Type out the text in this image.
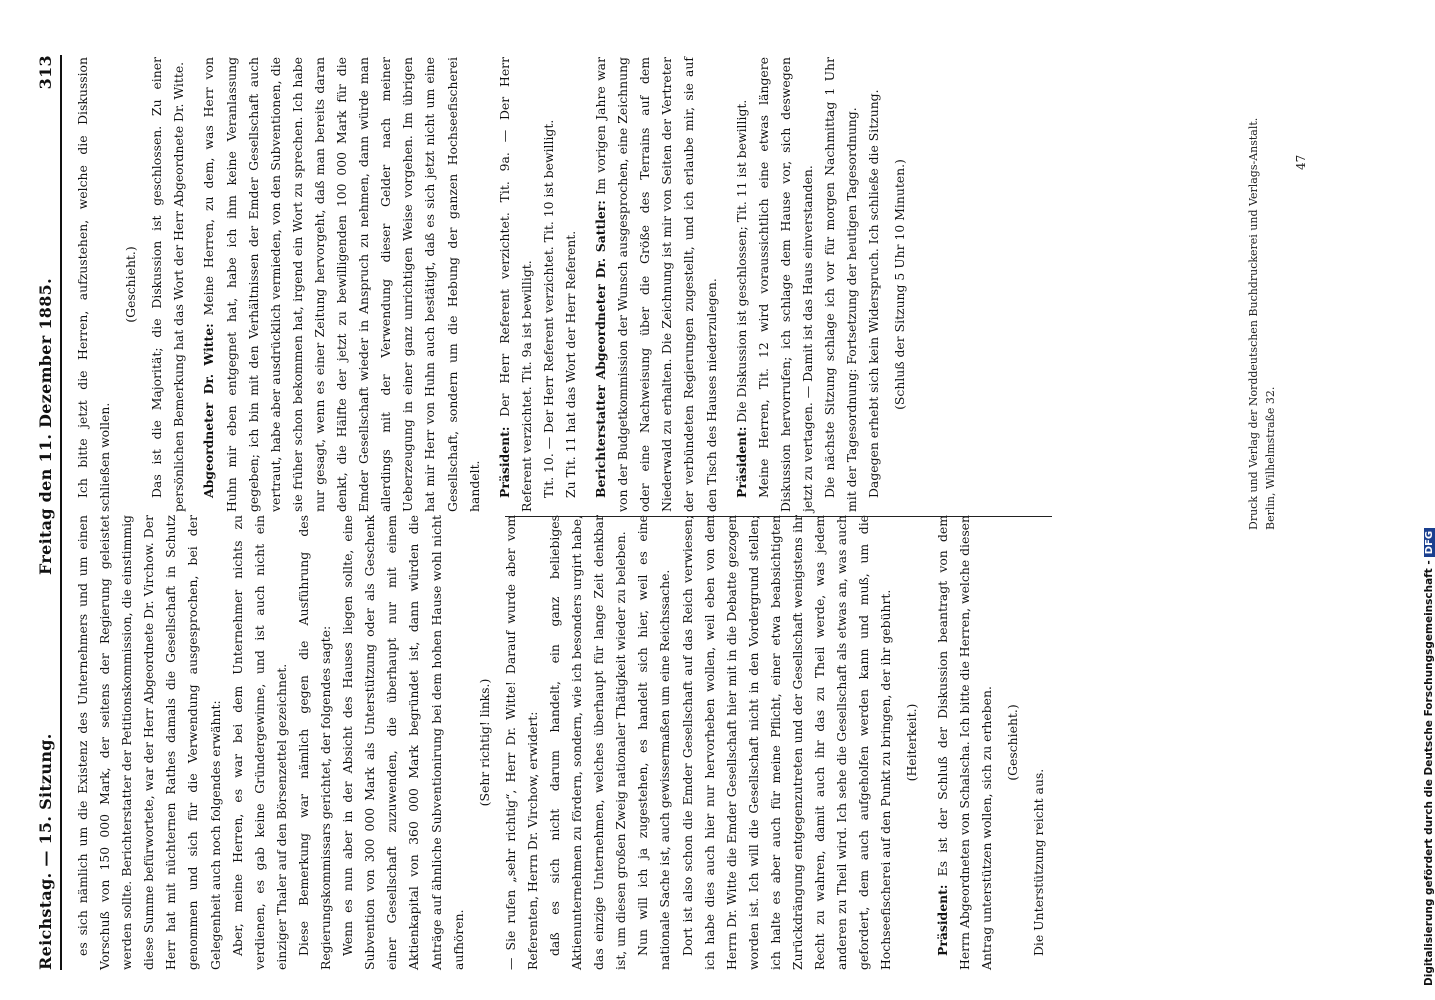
Reichstag. — 15. Sitzung.
Freitag den 11. Dezember 1885.
313

es sich nämlich um die Existenz des Unternehmers und um einen Vorschuß von 150 000 Mark, der seitens der Regierung geleistet werden sollte. Berichterstatter der Petitionskommission, die einstimmig diese Summe befürwortete, war der Herr Abgeordnete Dr. Virchow. Der Herr hat mit nüchternen Rathes damals die Gesellschaft in Schutz genommen und sich für die Verwendung ausgesprochen, bei der Gelegenheit auch noch folgendes erwähnt: Aber, meine Herren, es war bei dem Unternehmer nichts zu verdienen, es gab keine Gründergewinne, und ist auch nicht ein einziger Thaler auf den Börsenzettel gezeichnet. Diese Bemerkung war nämlich gegen die Ausführung des Regierungskommissars gerichtet, der folgendes sagte: Wenn es nun aber in der Absicht des Hauses liegen sollte, eine Subvention von 300 000 Mark als Unterstützung oder als Geschenk einer Gesellschaft zuzuwenden, die überhaupt nur mit einem Aktienkapital von 360 000 Mark begründet ist, dann würden die Anträge auf ähnliche Subventionirung bei dem hohen Hause wohl nicht aufhören.

(Sehr richtig! links.) — Sie rufen „sehr richtig“, Herr Dr. Witte! Darauf wurde aber vom Referenten, Herrn Dr. Virchow, erwidert: daß es sich nicht darum handelt, ein ganz beliebiges Aktienunternehmen zu fördern, sondern, wie ich besonders urgirt habe, das einzige Unternehmen, welches überhaupt für lange Zeit denkbar ist, um diesen großen Zweig nationaler Thätigkeit wieder zu beleben. Nun will ich ja zugestehen, es handelt sich hier, weil es eine nationale Sache ist, auch gewissermaßen um eine Reichssache. Dort ist also schon die Emder Gesellschaft auf das Reich verwiesen; ich habe dies auch hier nur hervorheben wollen, weil eben von dem Herrn Dr. Witte die Emder Gesellschaft hier mit in die Debatte gezogen worden ist. Ich will die Gesellschaft nicht in den Vordergrund stellen; ich halte es aber auch für meine Pflicht, einer etwa beabsichtigten Zurückdrängung entgegenzutreten und der Gesellschaft wenigstens ihr Recht zu wahren, damit auch ihr das zu Theil werde, was jedem anderen zu Theil wird. Ich sehe die Gesellschaft als etwas an, was auch gefordert, dem auch aufgeholfen werden kann und muß, um die Hochseefischerei auf den Punkt zu bringen, der ihr gebührt. (Heiterkeit.)

Präsident: Es ist der Schluß der Diskussion beantragt von dem Herrn Abgeordneten von Schalscha. Ich bitte die Herren, welche diesen Antrag unterstützen wollen, sich zu erheben. (Geschieht.)

Die Unterstützung reicht aus.

Ich bitte jetzt die Herren, aufzustehen, welche die Diskussion schließen wollen.

(Geschieht.) Das ist die Majorität; die Diskussion ist geschlossen. Zu einer persönlichen Bemerkung hat das Wort der Herr Abgeordnete Dr. Witte.	Abgeordneter Dr. Witte: Meine Herren, zu dem, was Herr von Huhn mir eben entgegnet hat, habe ich ihm keine Veranlassung gegeben; ich bin mit den Verhältnissen der Emder Gesellschaft auch vertraut, habe aber ausdrücklich vermieden, von den Subventionen, die sie früher schon bekommen hat, irgend ein Wort zu sprechen. Ich habe nur gesagt, wenn es einer Zeitung hervorgeht, daß man bereits daran denkt, die Hälfte der jetzt zu bewilligenden 100 000 Mark für die Emder Gesellschaft wieder in Anspruch zu nehmen, dann würde man allerdings mit der Verwendung dieser Gelder nach meiner Ueberzeugung in einer ganz unrichtigen Weise vorgehen. Im übrigen hat mir Herr von Huhn auch bestätigt, daß es sich jetzt nicht um eine Gesellschaft, sondern um die Hebung der ganzen Hochseefischerei handelt.	Präsident: Der Herr Referent verzichtet. Tit. 9a. — Der Herr Referent verzichtet. Tit. 9a ist bewilligt. Tit. 10. — Der Herr Referent verzichtet. Tit. 10 ist bewilligt. Zu Tit. 11 hat das Wort der Herr Referent.	Berichterstatter Abgeordneter Dr. Sattler: Im vorigen Jahre war von der Budgetkommission der Wunsch ausgesprochen, eine Zeichnung oder eine Nachweisung über die Größe des Terrains auf dem Niederwald zu erhalten. Die Zeichnung ist mir von Seiten der Vertreter der verbündeten Regierungen zugestellt, und ich erlaube mir, sie auf den Tisch des Hauses niederzulegen.	Präsident: Die Diskussion ist geschlossen; Tit. 11 ist bewilligt. Meine Herren, Tit. 12 wird voraussichtlich eine etwas längere Diskussion hervorrufen; ich schlage dem Hause vor, sich deswegen jetzt zu vertagen. — Damit ist das Haus einverstanden. Die nächste Sitzung schlage ich vor für morgen Nachmittag 1 Uhr mit der Tagesordnung: Fortsetzung der heutigen Tagesordnung. Dagegen erhebt sich kein Widerspruch. Ich schließe die Sitzung. (Schluß der Sitzung 5 Uhr 10 Minuten.)	Druck und Verlag der Norddeutschen Buchdruckerei und Verlags-Anstalt. Berlin, Wilhelmstraße 32.
47
Digitalisierung gefördert durch die Deutsche Forschungsgemeinschaft -DFG
